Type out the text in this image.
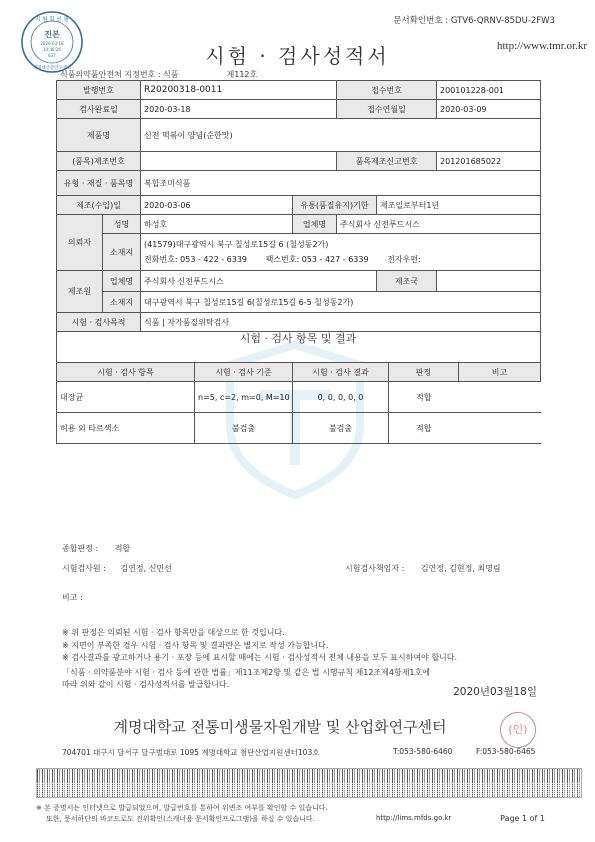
문서확인번호 : GTV6-QRNV-85DU-2FW3
http://www.tmr.or.kr
시 험 확 인 필
진본
2020-03-18
10:46:26
637
계명대산학연구센터
시험 · 검사성적서
식품의약품안전처 지정번호 : 식품	제112호
발행번호		R20200318-0011		접수번호		200101228-001
검사완료일		2020-03-18		접수연월일		2020-03-09
제품명		신전 떡볶이 양념(순한맛)				
(품목)제조번호				품목제조신고번호		201201685022
유형 · 재질 · 품목명		복합조미식품				
제조(수입)일		2020-03-06	유통(품질유지)기한		제조일로부터1년	
의뢰자	성명	하성호	업체명	주식회사 신전푸드시스		
	소재지	(41579)대구광역시 북구 칠성로15길 6 (칠성동2가)
전화번호: 053 - 422 - 6339 팩스번호: 053 - 427 - 6339 전자우편:				

제조원	업체명	주식회사 신전푸드시스			제조국	
	소재지	대구광역시 북구 칠성로15길 6(칠성로15길 6-5 칠성동2가)				
시험 · 검사목적		식품 | 자가품질위탁검사				

시험 · 검사 항목 및 결과
시험 · 검사 항목	시험 · 검사 기준	시험 · 검사 결과	판정	비고
대장균	n=5, c=2, m=0, M=10	0, 0, 0, 0, 0	적합	
허용 외 타르색소	불검출	불검출	적합	
종합판정 : 적합
시험검사원 : 김연정, 신민선	시험검사책임자 : 김연정, 김현정, 최명림
비고 :
※ 위 판정은 의뢰된 시험 · 검사 항목만을 대상으로 한 것입니다.
※ 지면이 부족한 경우 시험 · 검사 항목 및 결과란은 별지로 작성 가능합니다.
※ 검사결과를 광고하거나 용기 · 포장 등에 표시할 때에는 시험 · 검사성적서 전체 내용을 모두 표시하여야 합니다.
「식품 · 의약품분야 시험 · 검사 등에 관한 법률」제11조제2항 및 같은 법 시행규칙 제12조제4항제1호에
따라 위와 같이 시험 · 검사성적서를 발급합니다.
2020년03월18일
계명대학교 전통미생물자원개발 및 산업화연구센터	(인)
704701 대구시 달서구 달구벌대로 1095 계명대학교 첨단산업지원센터103호	T:053-580-6460	F:053-580-6465
※ 본 증명서는 인터넷으로 발급되었으며, 발급번호를 통하여 위변조 여부를 확인할 수 있습니다.
또한, 문서하단의 바코드로도 진위확인(스캐너용 문서확인프로그램)을 하실 수 있습니다.	http://lims.mfds.go.kr	Page 1 of 1
